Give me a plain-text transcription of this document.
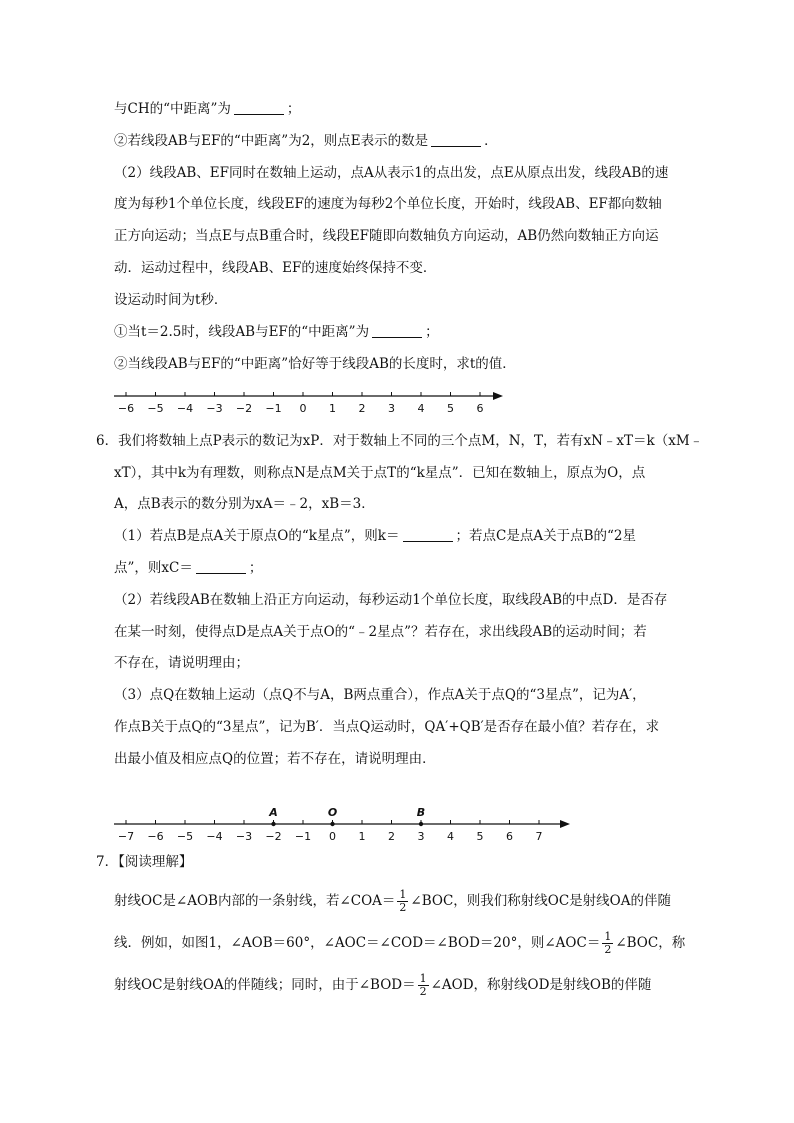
与CH的“中距离”为	；
②若线段AB与EF的“中距离”为2，则点E表示的数是	．
（2）线段AB、EF同时在数轴上运动，点A从表示1的点出发，点E从原点出发，线段AB的速
度为每秒1个单位长度，线段EF的速度为每秒2个单位长度，开始时，线段AB、EF都向数轴
正方向运动；当点E与点B重合时，线段EF随即向数轴负方向运动，AB仍然向数轴正方向运
动．运动过程中，线段AB、EF的速度始终保持不变．
设运动时间为t秒．
①当t＝2.5时，线段AB与EF的“中距离”为	；
②当线段AB与EF的“中距离”恰好等于线段AB的长度时，求t的值．
−6 −5 −4 −3 −2 −1 0 1 2 3 4 5 6
6．我们将数轴上点P表示的数记为xP．对于数轴上不同的三个点M，N，T，若有xN﹣xT＝k（xM﹣
xT），其中k为有理数，则称点N是点M关于点T的“k星点”．已知在数轴上，原点为O，点
A，点B表示的数分别为xA＝﹣2，xB＝3．
（1）若点B是点A关于原点O的“k星点”，则k＝	；若点C是点A关于点B的“2星
点”，则xC＝	；
（2）若线段AB在数轴上沿正方向运动，每秒运动1个单位长度，取线段AB的中点D．是否存
在某一时刻，使得点D是点A关于点O的“﹣2星点”？若存在，求出线段AB的运动时间；若
不存在，请说明理由；
（3）点Q在数轴上运动（点Q不与A，B两点重合），作点A关于点Q的“3星点”，记为A′，
作点B关于点Q的“3星点”，记为B′．当点Q运动时，QA′+QB′是否存在最小值？若存在，求
出最小值及相应点Q的位置；若不存在，请说明理由．
−7 −6 −5 −4 −3 −2 −1 0 1 2 3 4 5 6 7
A	O	B
7．【阅读理解】
射线OC是∠AOB内部的一条射线，若∠COA＝ $\frac{1}{2}$ ∠BOC，则我们称射线OC是射线OA的伴随
线．例如，如图1，∠AOB＝60°，∠AOC＝∠COD＝∠BOD＝20°，则∠AOC＝ $\frac{1}{2}$ ∠BOC，称
射线OC是射线OA的伴随线；同时，由于∠BOD＝ $\frac{1}{2}$ ∠AOD，称射线OD是射线OB的伴随
